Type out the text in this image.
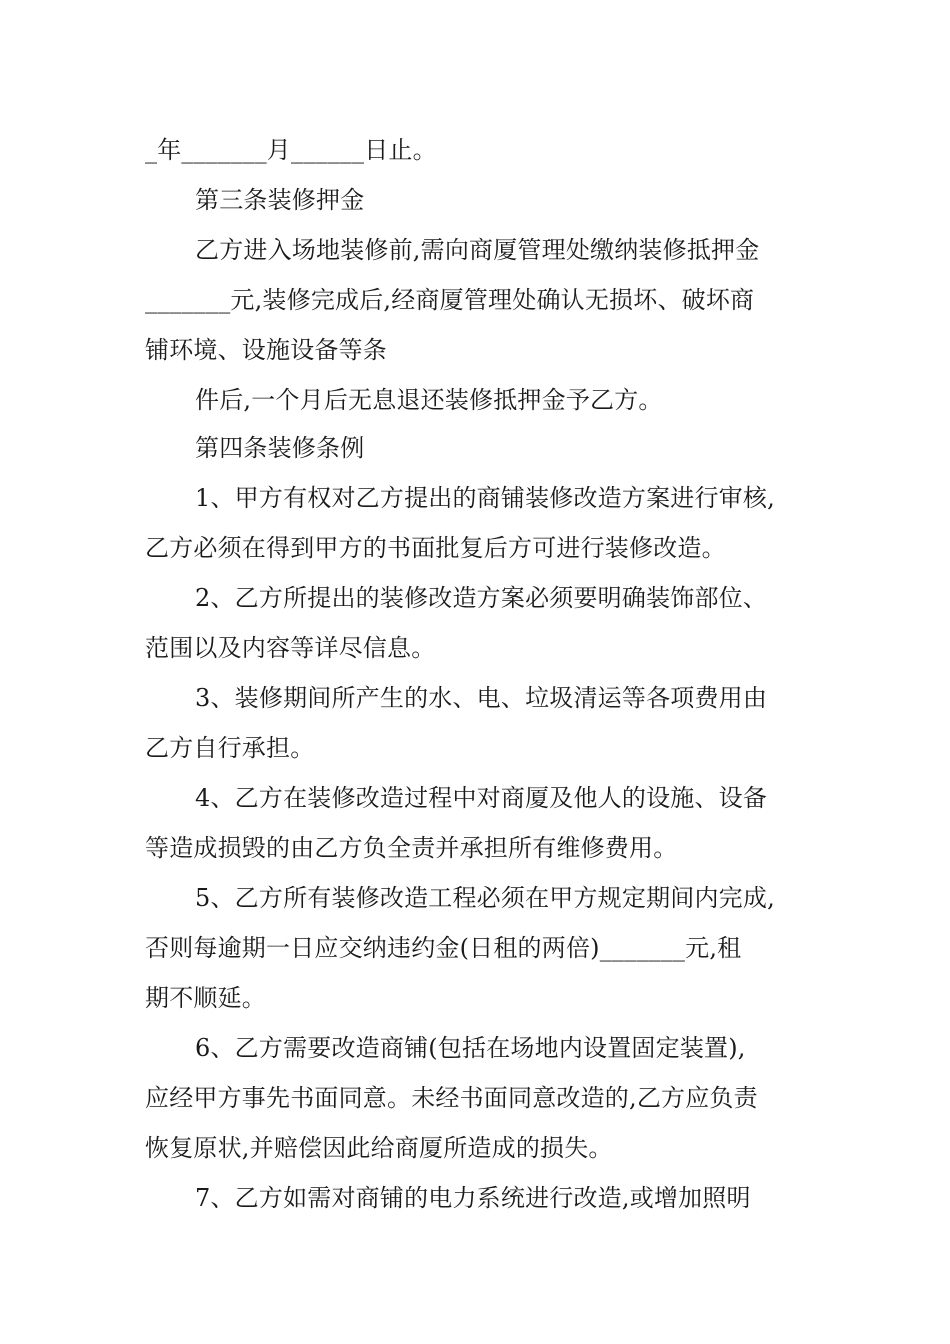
_年_______月______日止。
第三条装修押金
乙方进入场地装修前,需向商厦管理处缴纳装修抵押金
_______元,装修完成后,经商厦管理处确认无损坏、破坏商
铺环境、设施设备等条
件后,一个月后无息退还装修抵押金予乙方。
第四条装修条例
1、甲方有权对乙方提出的商铺装修改造方案进行审核,
乙方必须在得到甲方的书面批复后方可进行装修改造。
2、乙方所提出的装修改造方案必须要明确装饰部位、
范围以及内容等详尽信息。
3、装修期间所产生的水、电、垃圾清运等各项费用由
乙方自行承担。
4、乙方在装修改造过程中对商厦及他人的设施、设备
等造成损毁的由乙方负全责并承担所有维修费用。
5、乙方所有装修改造工程必须在甲方规定期间内完成,
否则每逾期一日应交纳违约金(日租的两倍)_______元,租
期不顺延。
6、乙方需要改造商铺(包括在场地内设置固定装置),
应经甲方事先书面同意。未经书面同意改造的,乙方应负责
恢复原状,并赔偿因此给商厦所造成的损失。
7、乙方如需对商铺的电力系统进行改造,或增加照明
